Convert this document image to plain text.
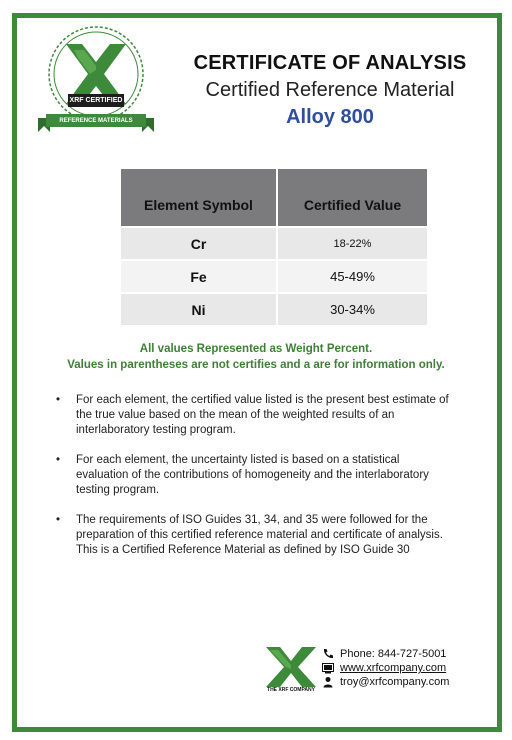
XRF CERTIFIED
REFERENCE MATERIALS

CERTIFICATE OF ANALYSIS

Certified Reference Material

Alloy 800

Element Symbol	Certified Value
Cr	18-22%
Fe	45-49%
Ni	30-34%
All values Represented as Weight Percent.
Values in parentheses are not certifies and a are for information only.
• For each element, the certified value listed is the present best estimate of the true value based on the mean of the weighted results of an interlaboratory testing program.
• For each element, the uncertainty listed is based on a statistical evaluation of the contributions of homogeneity and the interlaboratory testing program.
• The requirements of ISO Guides 31, 34, and 35 were followed for the preparation of this certified reference material and certificate of analysis. This is a Certified Reference Material as defined by ISO Guide 30
THE XRF COMPANY
Phone: 844-727-5001
www.xrfcompany.com
troy@xrfcompany.com
